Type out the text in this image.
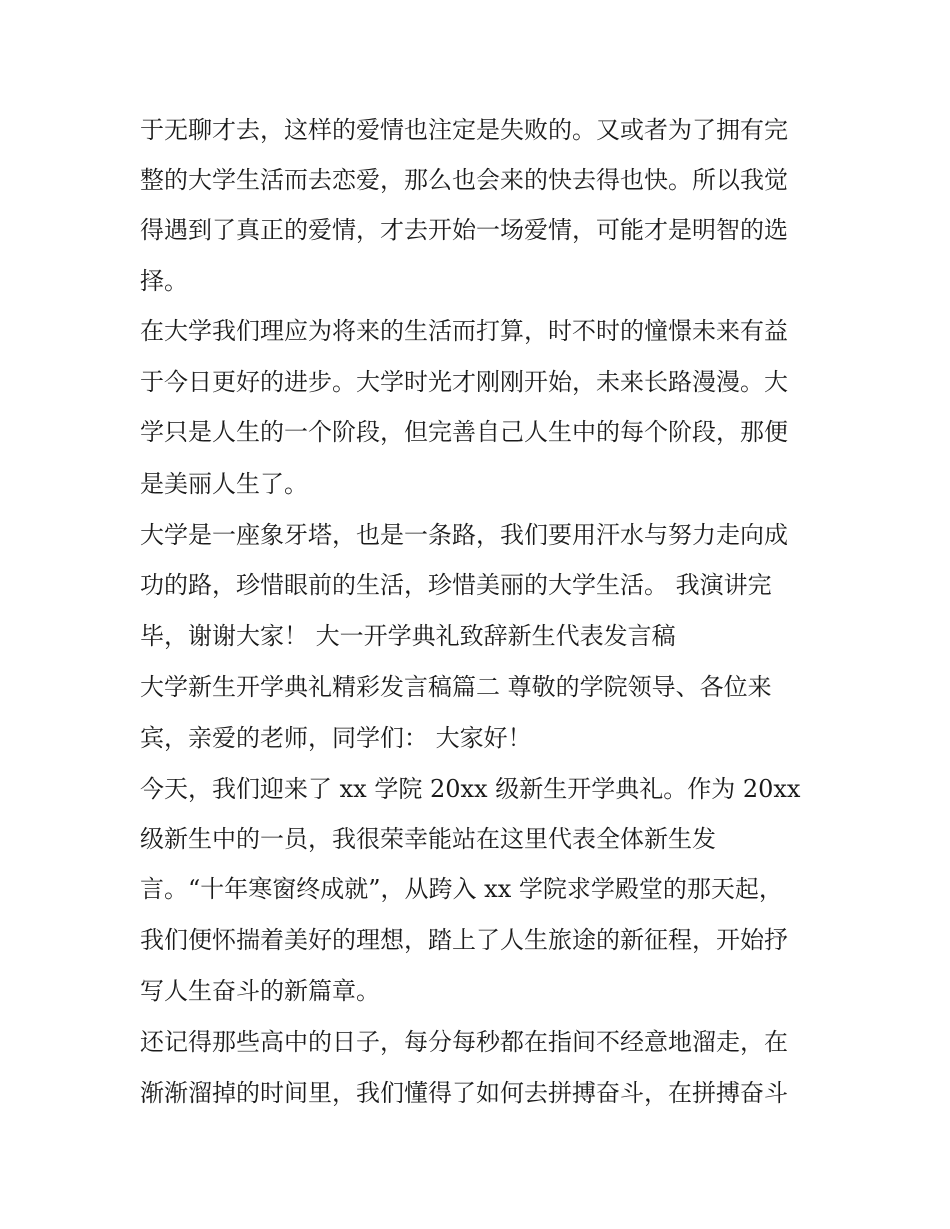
于无聊才去，这样的爱情也注定是失败的。又或者为了拥有完
整的大学生活而去恋爱，那么也会来的快去得也快。所以我觉
得遇到了真正的爱情，才去开始一场爱情，可能才是明智的选
择。
在大学我们理应为将来的生活而打算，时不时的憧憬未来有益
于今日更好的进步。大学时光才刚刚开始，未来长路漫漫。大
学只是人生的一个阶段，但完善自己人生中的每个阶段，那便
是美丽人生了。
大学是一座象牙塔，也是一条路，我们要用汗水与努力走向成
功的路，珍惜眼前的生活，珍惜美丽的大学生活。 我演讲完
毕，谢谢大家！ 大一开学典礼致辞新生代表发言稿
大学新生开学典礼精彩发言稿篇二 尊敬的学院领导、各位来
宾，亲爱的老师，同学们： 大家好！
今天，我们迎来了 xx 学院 20xx 级新生开学典礼。作为 20xx
级新生中的一员，我很荣幸能站在这里代表全体新生发
言。“十年寒窗终成就”，从跨入 xx 学院求学殿堂的那天起，
我们便怀揣着美好的理想，踏上了人生旅途的新征程，开始抒
写人生奋斗的新篇章。
还记得那些高中的日子，每分每秒都在指间不经意地溜走，在
渐渐溜掉的时间里，我们懂得了如何去拼搏奋斗，在拼搏奋斗
